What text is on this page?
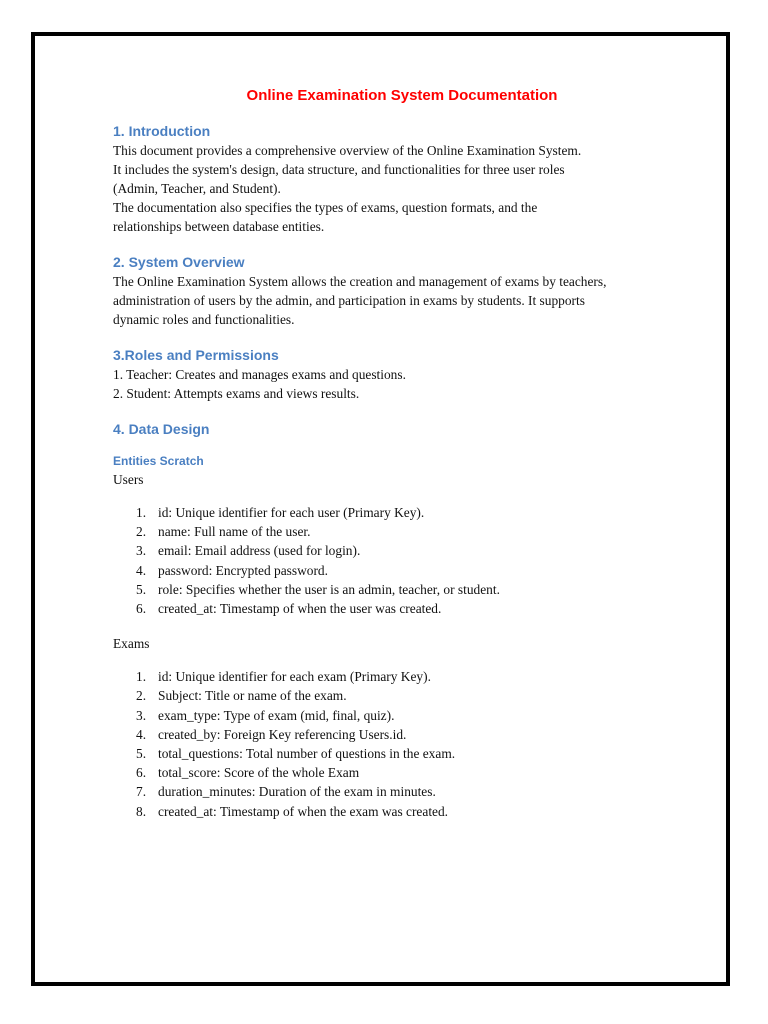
Online Examination System Documentation
1. Introduction
This document provides a comprehensive overview of the Online Examination System.
It includes the system's design, data structure, and functionalities for three user roles
(Admin, Teacher, and Student).
The documentation also specifies the types of exams, question formats, and the
relationships between database entities.
2. System Overview
The Online Examination System allows the creation and management of exams by teachers,
administration of users by the admin, and participation in exams by students. It supports
dynamic roles and functionalities.
3.Roles and Permissions
1. Teacher: Creates and manages exams and questions.
2. Student: Attempts exams and views results.
4. Data Design
Entities Scratch
Users
1. id: Unique identifier for each user (Primary Key).
2. name: Full name of the user.
3. email: Email address (used for login).
4. password: Encrypted password.
5. role: Specifies whether the user is an admin, teacher, or student.
6. created_at: Timestamp of when the user was created.
Exams
1. id: Unique identifier for each exam (Primary Key).
2. Subject: Title or name of the exam.
3. exam_type: Type of exam (mid, final, quiz).
4. created_by: Foreign Key referencing Users.id.
5. total_questions: Total number of questions in the exam.
6. total_score: Score of the whole Exam
7. duration_minutes: Duration of the exam in minutes.
8. created_at: Timestamp of when the exam was created.
